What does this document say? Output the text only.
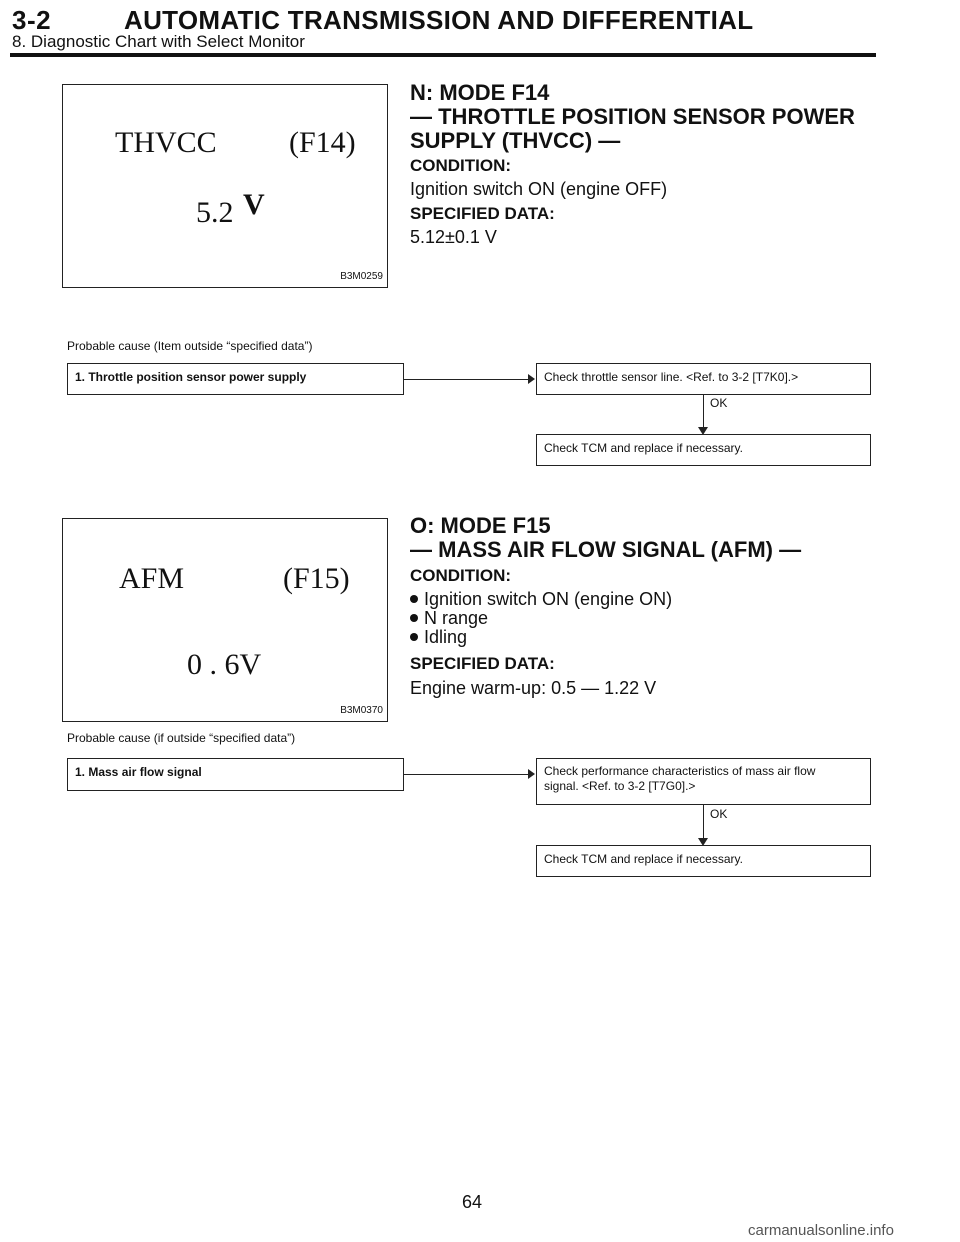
3-2	AUTOMATIC TRANSMISSION AND DIFFERENTIAL
8. Diagnostic Chart with Select Monitor
THVCC (F14)
5.2 V
B3M0259
N: MODE F14
— THROTTLE POSITION SENSOR POWER
SUPPLY (THVCC) —
CONDITION:
Ignition switch ON (engine OFF)
SPECIFIED DATA:
5.12±0.1 V
Probable cause (Item outside “specified data”)
1. Throttle position sensor power supply	Check throttle sensor line. <Ref. to 3-2 [T7K0].>
OK
Check TCM and replace if necessary.
AFM	(F15)
0 . 6V
B3M0370
O: MODE F15
— MASS AIR FLOW SIGNAL (AFM) —
CONDITION:
Ignition switch ON (engine ON)
N range
Idling
SPECIFIED DATA:
Engine warm-up: 0.5 — 1.22 V
Probable cause (if outside “specified data”)
1. Mass air flow signal	Check performance characteristics of mass air flow
signal. <Ref. to 3-2 [T7G0].>
OK
Check TCM and replace if necessary.
64
carmanualsonline.info
